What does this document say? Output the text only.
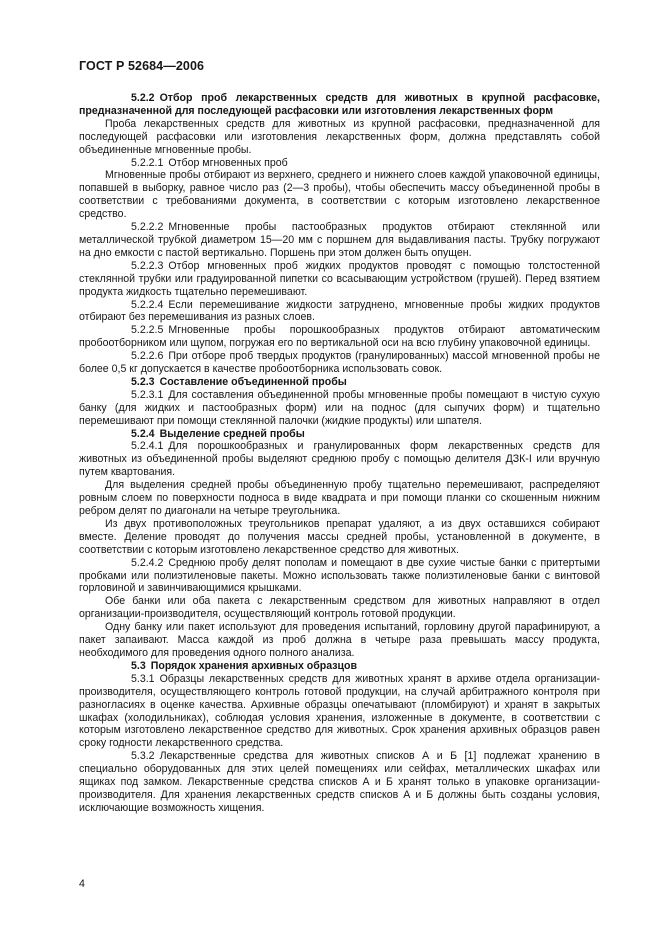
ГОСТ Р 52684—2006

5.2.2 Отбор проб лекарственных средств для животных в крупной расфасовке, предназначенной для последующей расфасовки или изготовления лекарственных форм

Проба лекарственных средств для животных из крупной расфасовки, предназначенной для последующей расфасовки или изготовления лекарственных форм, должна представлять собой объединенные мгновенные пробы.

5.2.2.1 Отбор мгновенных проб

Мгновенные пробы отбирают из верхнего, среднего и нижнего слоев каждой упаковочной единицы, попавшей в выборку, равное число раз (2—3 пробы), чтобы обеспечить массу объединенной пробы в соответствии с требованиями документа, в соответствии с которым изготовлено лекарственное средство.

5.2.2.2 Мгновенные пробы пастообразных продуктов отбирают стеклянной или металлической трубкой диаметром 15—20 мм с поршнем для выдавливания пасты. Трубку погружают на дно емкости с пастой вертикально. Поршень при этом должен быть опущен.

5.2.2.3 Отбор мгновенных проб жидких продуктов проводят с помощью толстостенной стеклянной трубки или градуированной пипетки со всасывающим устройством (грушей). Перед взятием продукта жидкость тщательно перемешивают.

5.2.2.4 Если перемешивание жидкости затруднено, мгновенные пробы жидких продуктов отбирают без перемешивания из разных слоев.

5.2.2.5 Мгновенные пробы порошкообразных продуктов отбирают автоматическим пробоотборником или щупом, погружая его по вертикальной оси на всю глубину упаковочной единицы.

5.2.2.6 При отборе проб твердых продуктов (гранулированных) массой мгновенной пробы не более 0,5 кг допускается в качестве пробоотборника использовать совок.

5.2.3 Составление объединенной пробы

5.2.3.1 Для составления объединенной пробы мгновенные пробы помещают в чистую сухую банку (для жидких и пастообразных форм) или на поднос (для сыпучих форм) и тщательно перемешивают при помощи стеклянной палочки (жидкие продукты) или шпателя.

5.2.4 Выделение средней пробы

5.2.4.1 Для порошкообразных и гранулированных форм лекарственных средств для животных из объединенной пробы выделяют среднюю пробу с помощью делителя ДЗК-I или вручную путем квартования.

Для выделения средней пробы объединенную пробу тщательно перемешивают, распределяют ровным слоем по поверхности подноса в виде квадрата и при помощи планки со скошенным нижним ребром делят по диагонали на четыре треугольника.

Из двух противоположных треугольников препарат удаляют, а из двух оставшихся собирают вместе. Деление проводят до получения массы средней пробы, установленной в документе, в соответствии с которым изготовлено лекарственное средство для животных.

5.2.4.2 Среднюю пробу делят пополам и помещают в две сухие чистые банки с притертыми пробками или полиэтиленовые пакеты. Можно использовать также полиэтиленовые банки с винтовой горловиной и завинчивающимися крышками.

Обе банки или оба пакета с лекарственным средством для животных направляют в отдел организации-производителя, осуществляющий контроль готовой продукции.

Одну банку или пакет используют для проведения испытаний, горловину другой парафинируют, а пакет запаивают. Масса каждой из проб должна в четыре раза превышать массу продукта, необходимого для проведения одного полного анализа.

5.3 Порядок хранения архивных образцов

5.3.1 Образцы лекарственных средств для животных хранят в архиве отдела организации-производителя, осуществляющего контроль готовой продукции, на случай арбитражного контроля при разногласиях в оценке качества. Архивные образцы опечатывают (пломбируют) и хранят в закрытых шкафах (холодильниках), соблюдая условия хранения, изложенные в документе, в соответствии с которым изготовлено лекарственное средство для животных. Срок хранения архивных образцов равен сроку годности лекарственного средства.

5.3.2 Лекарственные средства для животных списков А и Б [1] подлежат хранению в специально оборудованных для этих целей помещениях или сейфах, металлических шкафах или ящиках под замком. Лекарственные средства списков А и Б хранят только в упаковке организации-производителя. Для хранения лекарственных средств списков А и Б должны быть созданы условия, исключающие возможность хищения.

4
